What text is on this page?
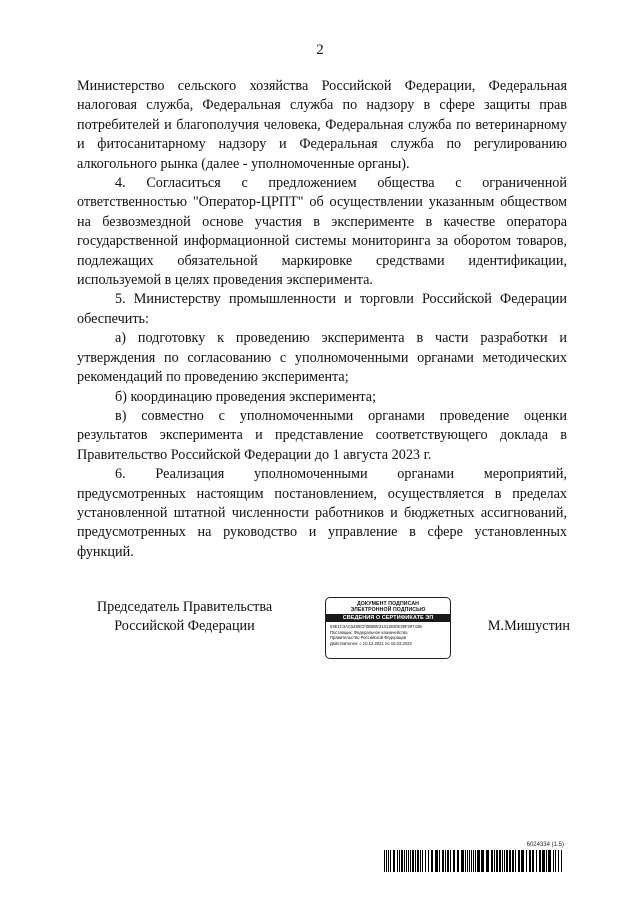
2

Министерство сельского хозяйства Российской Федерации, Федеральная налоговая служба, Федеральная служба по надзору в сфере защиты прав потребителей и благополучия человека, Федеральная служба по ветеринарному и фитосанитарному надзору и Федеральная служба по регулированию алкогольного рынка (далее - уполномоченные органы).

4. Согласиться с предложением общества с ограниченной ответственностью "Оператор-ЦРПТ" об осуществлении указанным обществом на безвозмездной основе участия в эксперименте в качестве оператора государственной информационной системы мониторинга за оборотом товаров, подлежащих обязательной маркировке средствами идентификации, используемой в целях проведения эксперимента.

5. Министерству промышленности и торговли Российской Федерации обеспечить:

а) подготовку к проведению эксперимента в части разработки и утверждения по согласованию с уполномоченными органами методических рекомендаций по проведению эксперимента;

б) координацию проведения эксперимента;

в) совместно с уполномоченными органами проведение оценки результатов эксперимента и представление соответствующего доклада в Правительство Российской Федерации до 1 августа 2023 г.

6. Реализация уполномоченными органами мероприятий, предусмотренных настоящим постановлением, осуществляется в пределах установленной штатной численности работников и бюджетных ассигнований, предусмотренных на руководство и управление в сфере установленных функций.

Председатель Правительства
Российской Федерации
ДОКУМЕНТ ПОДПИСАН
ЭЛЕКТРОННОЙ ПОДПИСЬЮ
СВЕДЕНИЯ О СЕРТИФИКАТЕ ЭП
04E1C3AC5480CF0B6BE21313830E39F29742B
Поставщик: Федеральное казначейство
Правительство Российской Федерации
Действителен: с 10.12.2021 по 10.03.2023
М.Мишустин
6024334 (1.5)
